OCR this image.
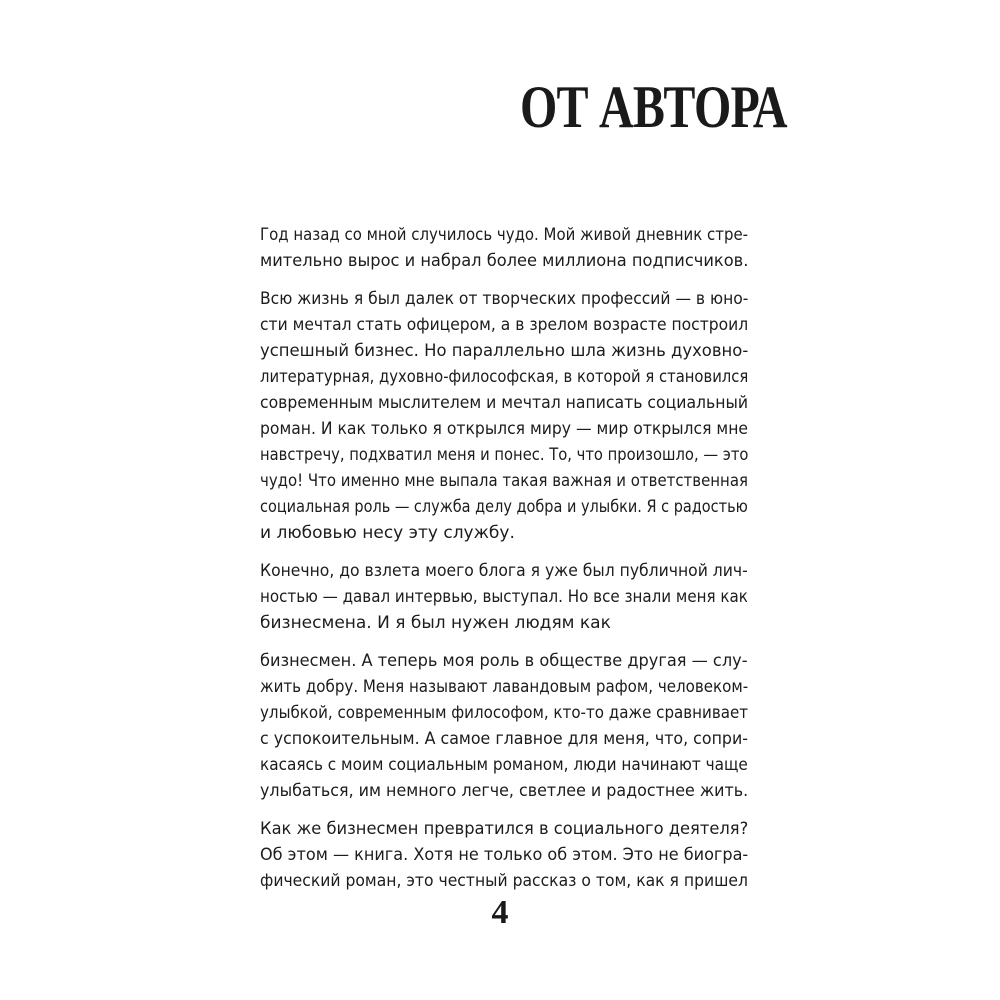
ОТ АВТОРА

Год назад со мной случилось чудо. Мой живой дневник стре-
мительно вырос и набрал более миллиона подписчиков.

Всю жизнь я был далек от творческих профессий — в юно-
сти мечтал стать офицером, а в зрелом возрасте построил
успешный бизнес. Но параллельно шла жизнь духовно-
литературная, духовно-философская, в которой я становился
современным мыслителем и мечтал написать социальный
роман. И как только я открылся миру — мир открылся мне
навстречу, подхватил меня и понес. То, что произошло, — это
чудо! Что именно мне выпала такая важная и ответственная
социальная роль — служба делу добра и улыбки. Я с радостью
и любовью несу эту службу.

Конечно, до взлета моего блога я уже был публичной лич-
ностью — давал интервью, выступал. Но все знали меня как
бизнесмена. И я был нужен людям как

бизнесмен. А теперь моя роль в обществе другая — слу-
жить добру. Меня называют лавандовым рафом, человеком-
улыбкой, современным философом, кто-то даже сравнивает
с успокоительным. А самое главное для меня, что, сопри-
касаясь с моим социальным романом, люди начинают чаще
улыбаться, им немного легче, светлее и радостнее жить.

Как же бизнесмен превратился в социального деятеля?
Об этом — книга. Хотя не только об этом. Это не биогра-
фический роман, это честный рассказ о том, как я пришел

4
